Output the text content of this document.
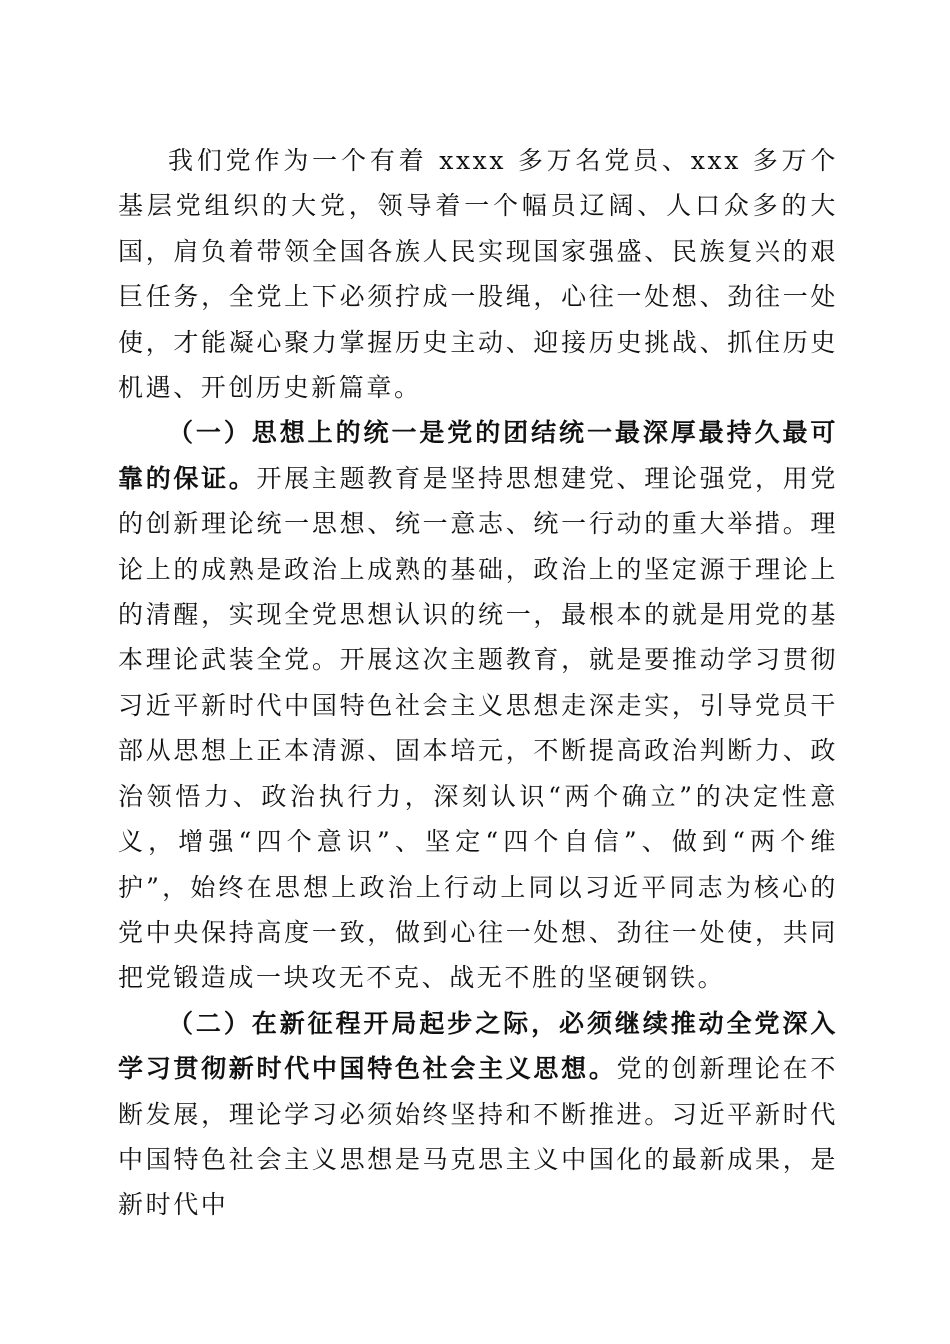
我们党作为一个有着 xxxx 多万名党员、xxx 多万个基层党组织的大党，领导着一个幅员辽阔、人口众多的大国，肩负着带领全国各族人民实现国家强盛、民族复兴的艰巨任务，全党上下必须拧成一股绳，心往一处想、劲往一处使，才能凝心聚力掌握历史主动、迎接历史挑战、抓住历史机遇、开创历史新篇章。

（一）思想上的统一是党的团结统一最深厚最持久最可靠的保证。开展主题教育是坚持思想建党、理论强党，用党的创新理论统一思想、统一意志、统一行动的重大举措。理论上的成熟是政治上成熟的基础，政治上的坚定源于理论上的清醒，实现全党思想认识的统一，最根本的就是用党的基本理论武装全党。开展这次主题教育，就是要推动学习贯彻习近平新时代中国特色社会主义思想走深走实，引导党员干部从思想上正本清源、固本培元，不断提高政治判断力、政治领悟力、政治执行力，深刻认识“两个确立”的决定性意义，增强“四个意识”、坚定“四个自信”、做到“两个维护”，始终在思想上政治上行动上同以习近平同志为核心的党中央保持高度一致，做到心往一处想、劲往一处使，共同把党锻造成一块攻无不克、战无不胜的坚硬钢铁。

（二）在新征程开局起步之际，必须继续推动全党深入学习贯彻新时代中国特色社会主义思想。党的创新理论在不断发展，理论学习必须始终坚持和不断推进。习近平新时代中国特色社会主义思想是马克思主义中国化的最新成果，是新时代中
